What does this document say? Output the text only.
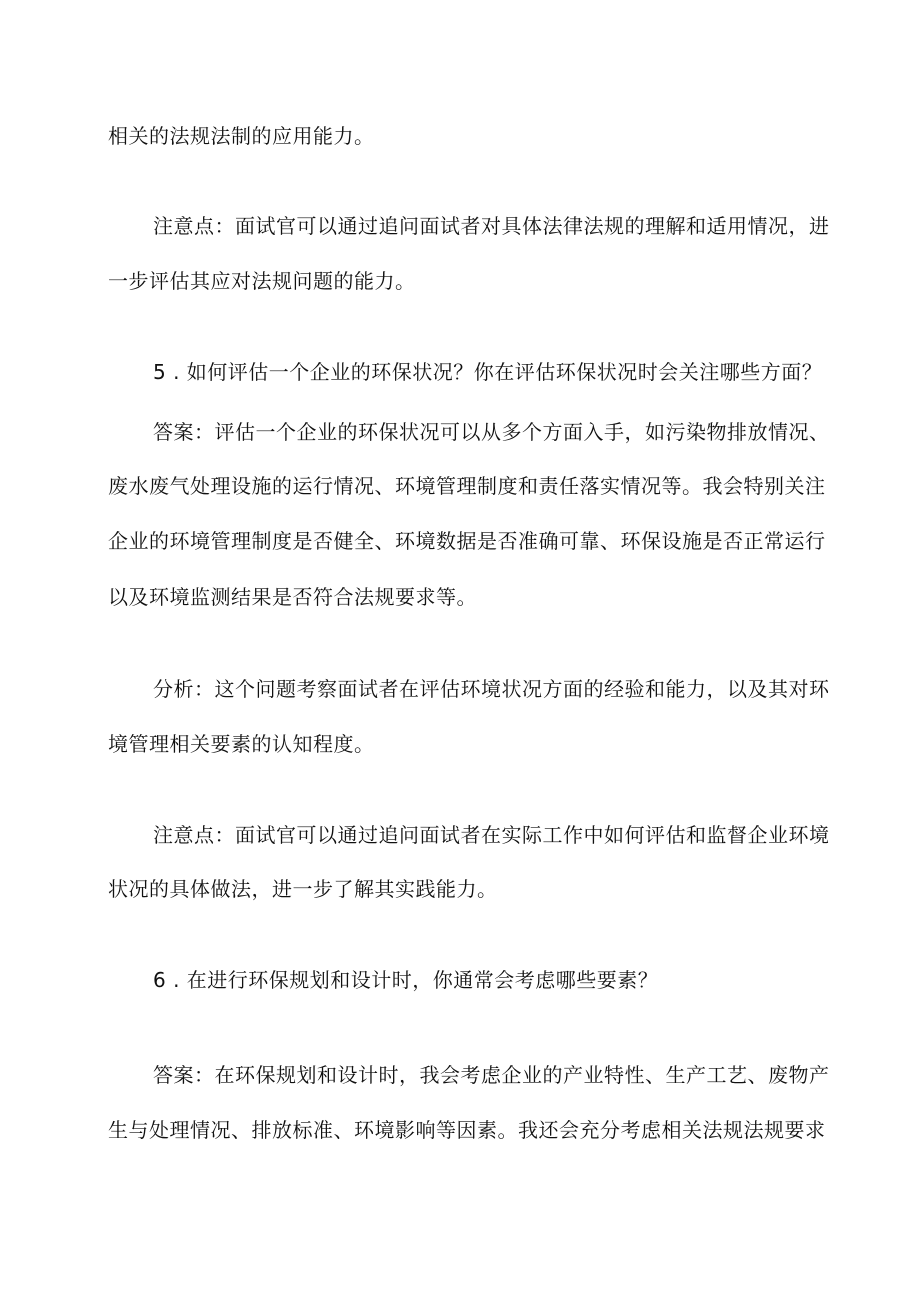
相关的法规法制的应用能力。
注意点：面试官可以通过追问面试者对具体法律法规的理解和适用情况，进
一步评估其应对法规问题的能力。
5 . 如何评估一个企业的环保状况？你在评估环保状况时会关注哪些方面？
答案：评估一个企业的环保状况可以从多个方面入手，如污染物排放情况、
废水废气处理设施的运行情况、环境管理制度和责任落实情况等。我会特别关注
企业的环境管理制度是否健全、环境数据是否准确可靠、环保设施是否正常运行
以及环境监测结果是否符合法规要求等。
分析：这个问题考察面试者在评估环境状况方面的经验和能力，以及其对环
境管理相关要素的认知程度。
注意点：面试官可以通过追问面试者在实际工作中如何评估和监督企业环境
状况的具体做法，进一步了解其实践能力。
6 . 在进行环保规划和设计时，你通常会考虑哪些要素？
答案：在环保规划和设计时，我会考虑企业的产业特性、生产工艺、废物产
生与处理情况、排放标准、环境影响等因素。我还会充分考虑相关法规法规要求
